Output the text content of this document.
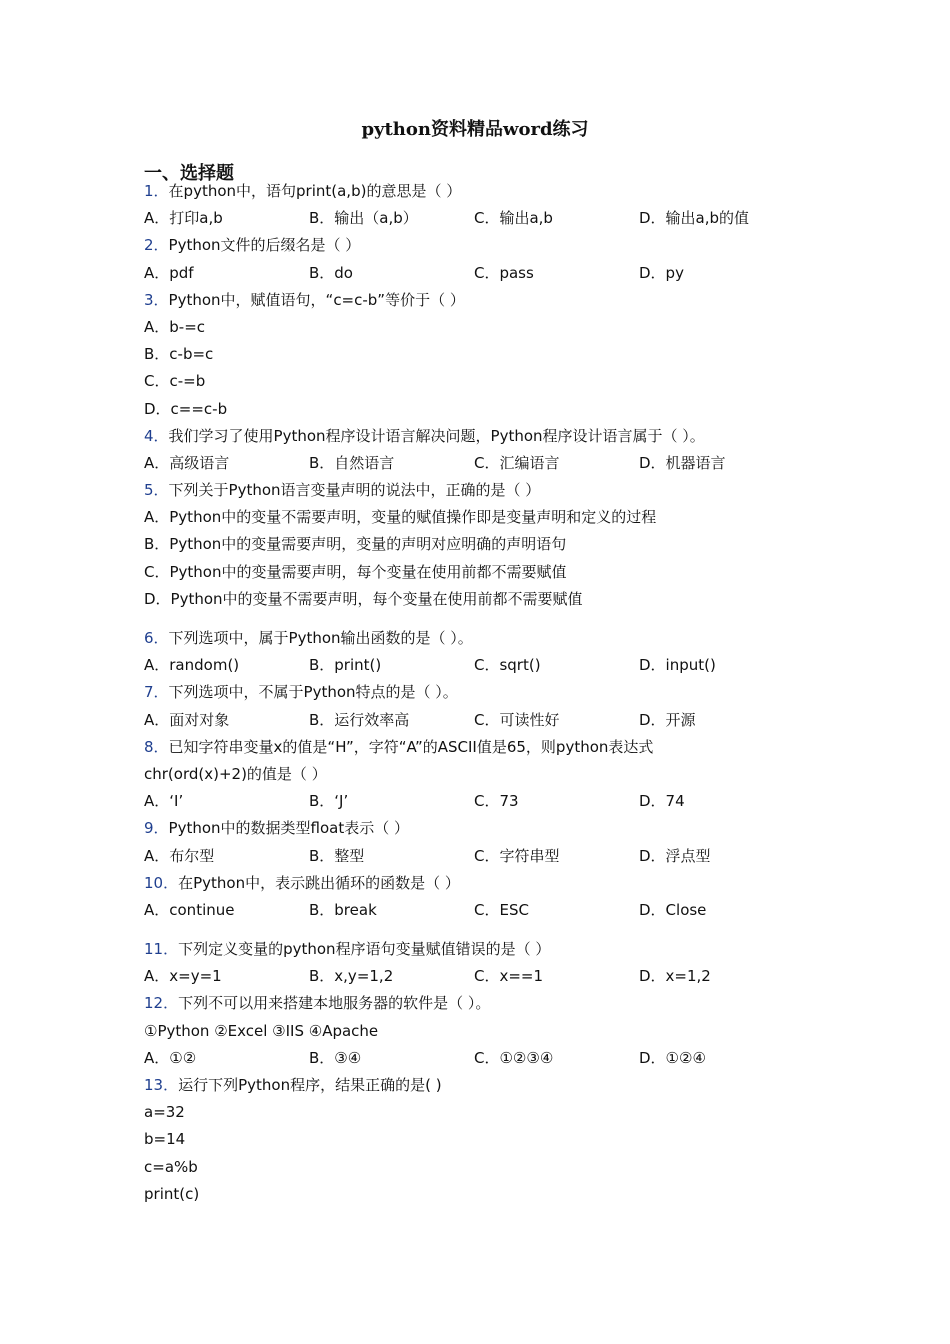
python资料精品word练习
一、选择题
1．在python中，语句print(a,b)的意思是（ ）
A．打印a,b	B．输出（a,b）	C．输出a,b	D．输出a,b的值
2．Python文件的后缀名是（ ）
A．pdf	B．do	C．pass	D．py
3．Python中，赋值语句，“c=c-b”等价于（ ）
A．b-=c
B．c-b=c
C．c-=b
D．c==c-b
4．我们学习了使用Python程序设计语言解决问题，Python程序设计语言属于（ ）。
A．高级语言	B．自然语言	C．汇编语言	D．机器语言
5．下列关于Python语言变量声明的说法中，正确的是（ ）
A．Python中的变量不需要声明，变量的赋值操作即是变量声明和定义的过程
B．Python中的变量需要声明，变量的声明对应明确的声明语句
C．Python中的变量需要声明，每个变量在使用前都不需要赋值
D．Python中的变量不需要声明，每个变量在使用前都不需要赋值
6．下列选项中，属于Python输出函数的是（ ）。
A．random()	B．print()	C．sqrt()	D．input()
7．下列选项中，不属于Python特点的是（ ）。
A．面对对象	B．运行效率高	C．可读性好	D．开源
8．已知字符串变量x的值是“H”，字符“A”的ASCII值是65，则python表达式
chr(ord(x)+2)的值是（ ）
A．‘I’	B．‘J’	C．73	D．74
9．Python中的数据类型float表示（ ）
A．布尔型	B．整型	C．字符串型	D．浮点型
10．在Python中，表示跳出循环的函数是（ ）
A．continue	B．break	C．ESC	D．Close
11．下列定义变量的python程序语句变量赋值错误的是（ ）
A．x=y=1	B．x,y=1,2	C．x==1	D．x=1,2
12．下列不可以用来搭建本地服务器的软件是（ ）。
①Python ②Excel ③IIS ④Apache
A．①②	B．③④	C．①②③④	D．①②④
13．运行下列Python程序，结果正确的是( )
a=32
b=14
c=a%b
print(c)
